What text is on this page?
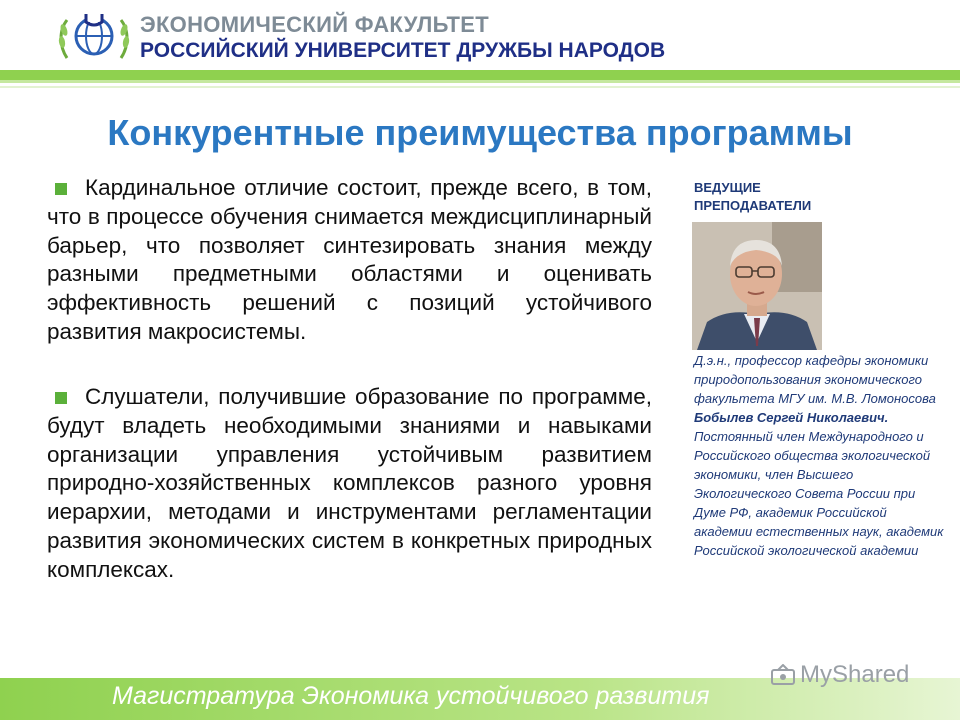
ЭКОНОМИЧЕСКИЙ ФАКУЛЬТЕТ
РОССИЙСКИЙ УНИВЕРСИТЕТ ДРУЖБЫ НАРОДОВ
Конкурентные преимущества программы
Кардинальное отличие состоит, прежде всего, в том, что в процессе обучения снимается междисциплинарный барьер, что позволяет синтезировать знания между разными предметными областями и оценивать эффективность решений с позиций устойчивого развития макросистемы.
Слушатели, получившие образование по программе, будут владеть необходимыми знаниями и навыками организации управления устойчивым развитием природно-хозяйственных комплексов разного уровня иерархии, методами и инструментами регламентации развития экономических систем в конкретных природных комплексах.
ВЕДУЩИЕ
ПРЕПОДАВАТЕЛИ
Д.э.н., профессор кафедры экономики природопользования экономического факультета МГУ им. М.В. Ломоносова Бобылев Сергей Николаевич. Постоянный член Международного и Российского общества экологической экономики, член Высшего Экологического Совета России при Думе РФ, академик Российской академии естественных наук, академик Российской экологической академии
Магистратура Экономика устойчивого развития
MyShared
